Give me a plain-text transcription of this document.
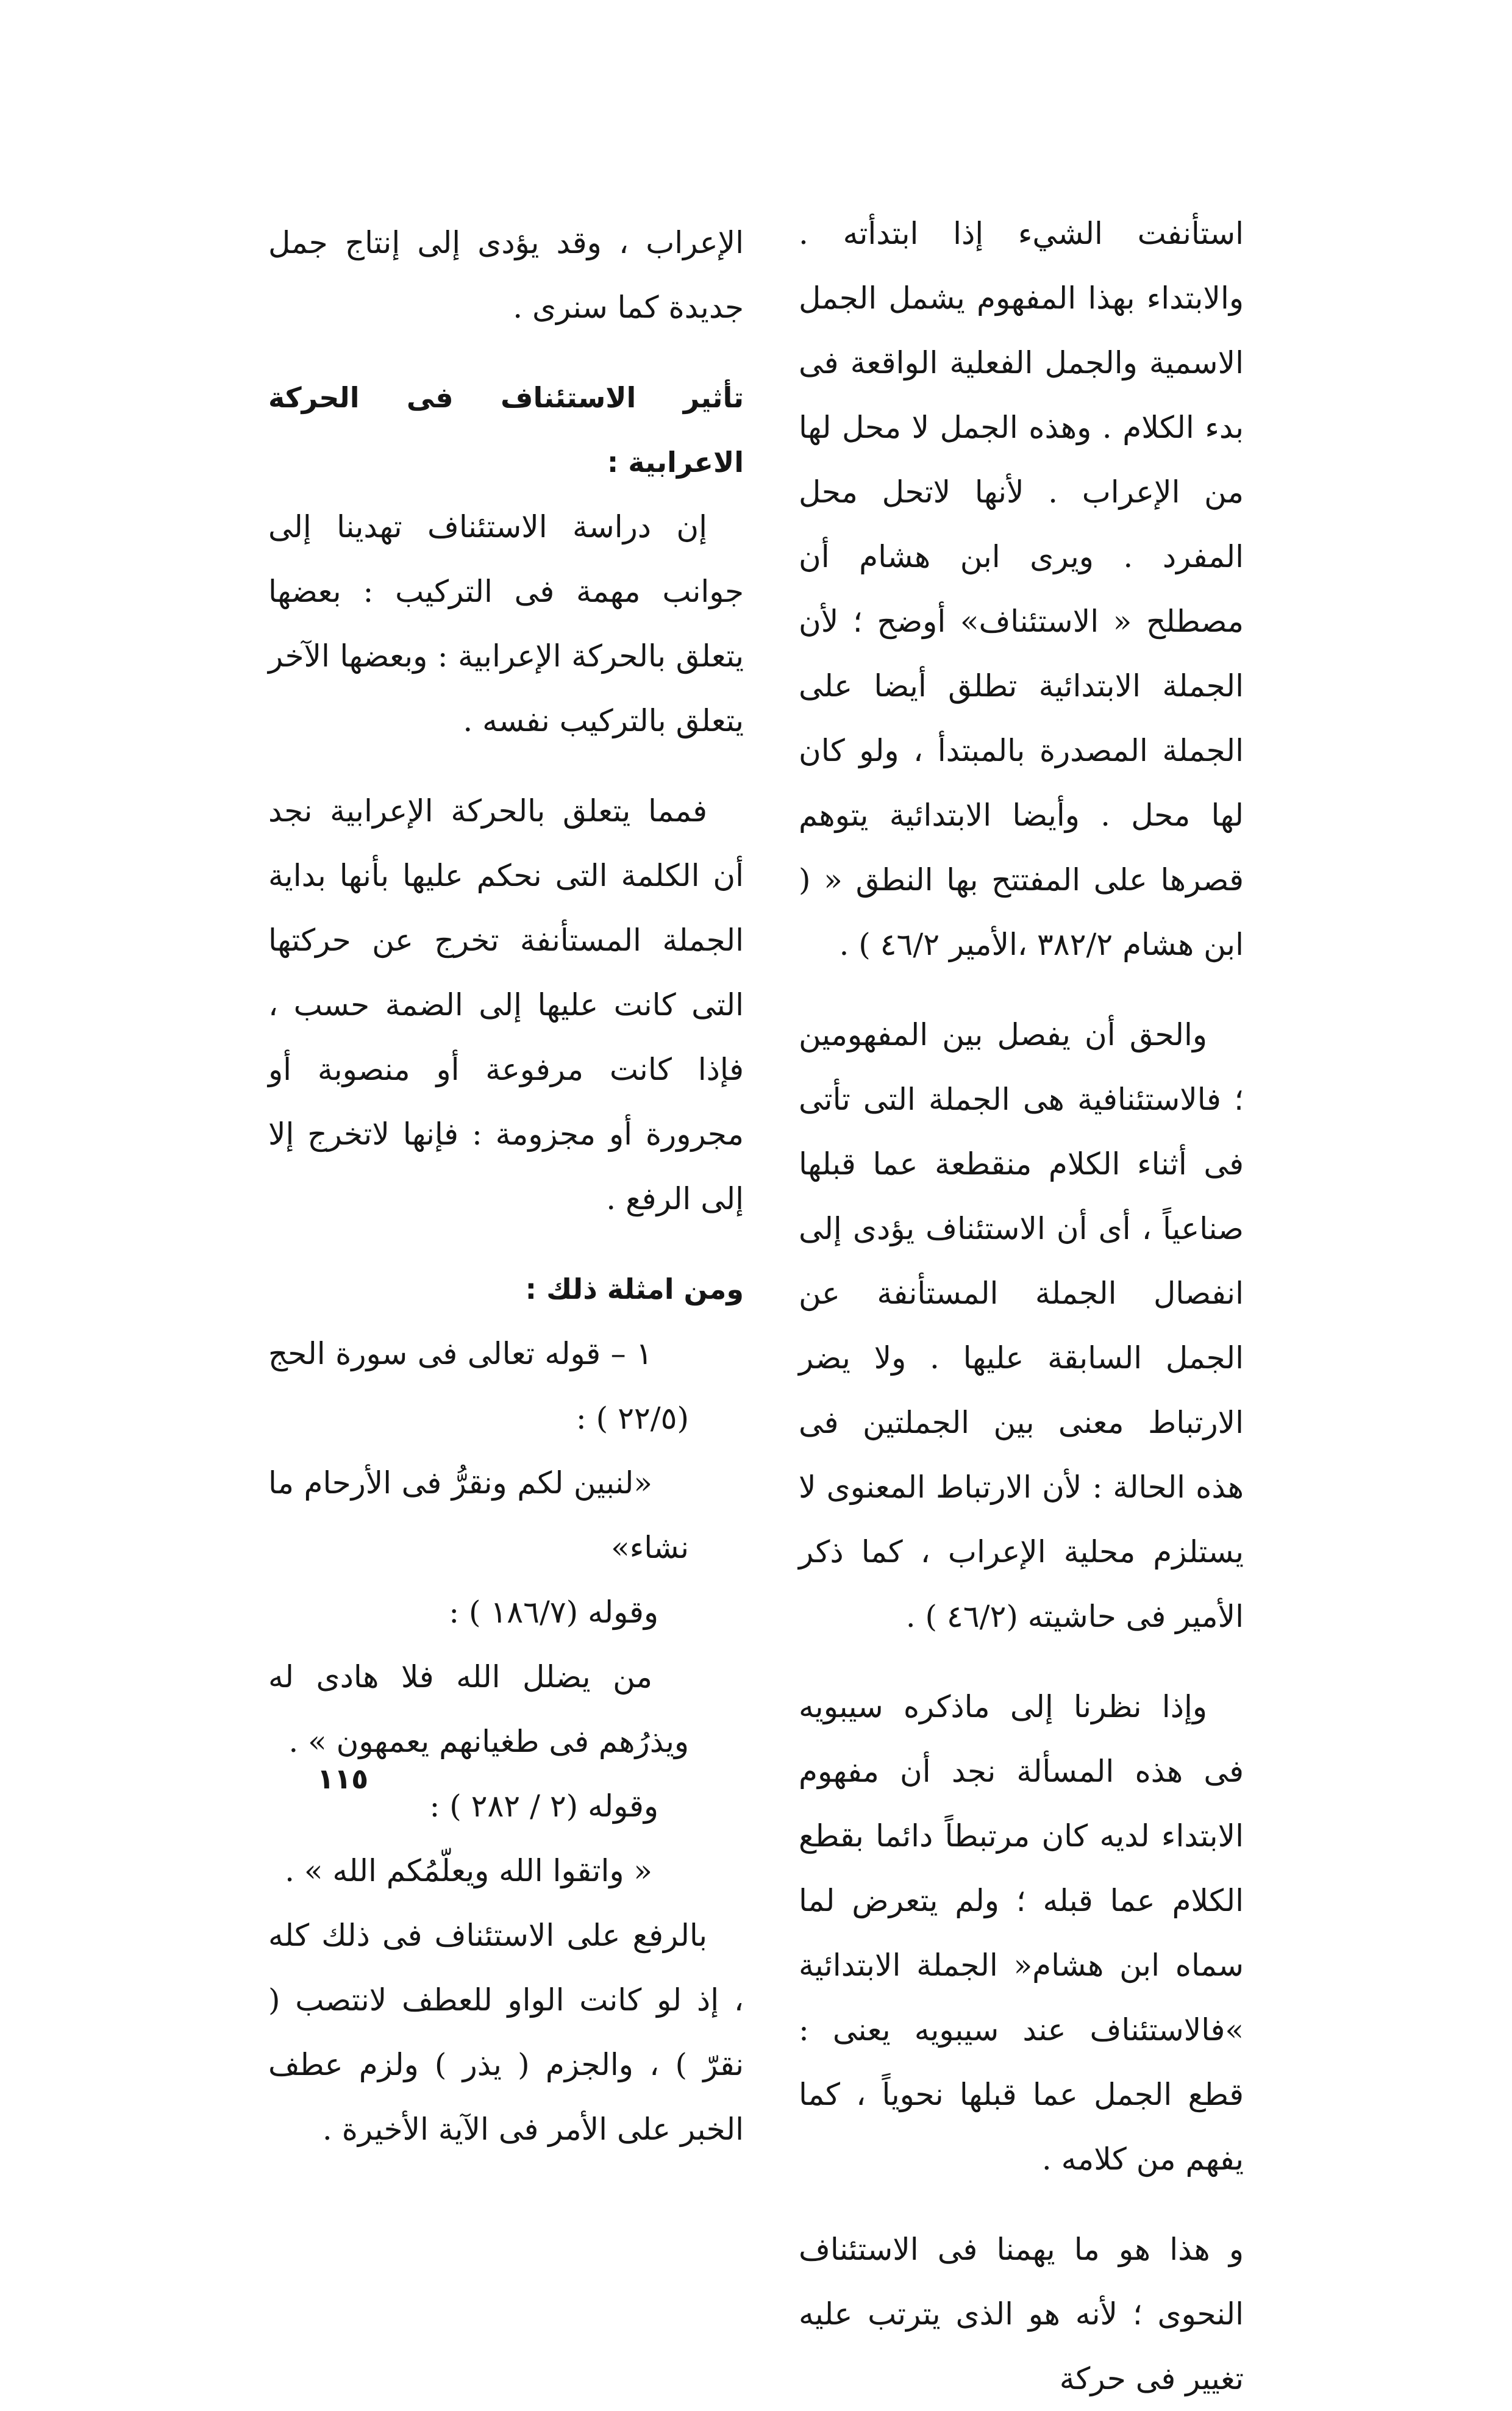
استأنفت الشيء إذا ابتدأته . والابتداء بهذا المفهوم يشمل الجمل الاسمية والجمل الفعلية الواقعة فى بدء الكلام . وهذه الجمل لا محل لها من الإعراب . لأنها لاتحل محل المفرد . ويرى ابن هشام أن مصطلح « الاستئناف» أوضح ؛ لأن الجملة الابتدائية تطلق أيضا على الجملة المصدرة بالمبتدأ ، ولو كان لها محل . وأيضا الابتدائية يتوهم قصرها على المفتتح بها النطق « ( ابن هشام ٣٨٢/٢ ،الأمير ٤٦/٢ ) .

والحق أن يفصل بين المفهومين ؛ فالاستئنافية هى الجملة التى تأتى فى أثناء الكلام منقطعة عما قبلها صناعياً ، أى أن الاستئناف يؤدى إلى انفصال الجملة المستأنفة عن الجمل السابقة عليها . ولا يضر الارتباط معنى بين الجملتين فى هذه الحالة : لأن الارتباط المعنوى لا يستلزم محلية الإعراب ، كما ذكر الأمير فى حاشيته (٤٦/٢ ) .

وإذا نظرنا إلى ماذكره سيبويه فى هذه المسألة نجد أن مفهوم الابتداء لديه كان مرتبطاً دائما بقطع الكلام عما قبله ؛ ولم يتعرض لما سماه ابن هشام« الجملة الابتدائية »فالاستئناف عند سيبويه يعنى : قطع الجمل عما قبلها نحوياً ، كما يفهم من كلامه .

و هذا هو ما يهمنا فى الاستئناف النحوى ؛ لأنه هو الذى يترتب عليه تغيير فى حركة

الإعراب ، وقد يؤدى إلى إنتاج جمل جديدة كما سنرى .

تأثير الاستئناف فى الحركة الاعرابية :

إن دراسة الاستئناف تهدينا إلى جوانب مهمة فى التركيب : بعضها يتعلق بالحركة الإعرابية : وبعضها الآخر يتعلق بالتركيب نفسه .

فمما يتعلق بالحركة الإعرابية نجد أن الكلمة التى نحكم عليها بأنها بداية الجملة المستأنفة تخرج عن حركتها التى كانت عليها إلى الضمة حسب ، فإذا كانت مرفوعة أو منصوبة أو مجرورة أو مجزومة : فإنها لاتخرج إلا إلى الرفع .

ومن امثلة ذلك :

١ – قوله تعالى فى سورة الحج (٢٢/٥ ) :

«لنبين لكم ونقرُّ فى الأرحام ما نشاء»

وقوله (١٨٦/٧ ) :

من يضلل الله فلا هادى له ويذرُهم فى طغيانهم يعمهون » .

وقوله (٢ / ٢٨٢ ) :

« واتقوا الله ويعلّمُكم الله » .

بالرفع على الاستئناف فى ذلك كله ، إذ لو كانت الواو للعطف لانتصب ( نقرّ ) ، والجزم ( يذر ) ولزم عطف الخبر على الأمر فى الآية الأخيرة .

١١٥
